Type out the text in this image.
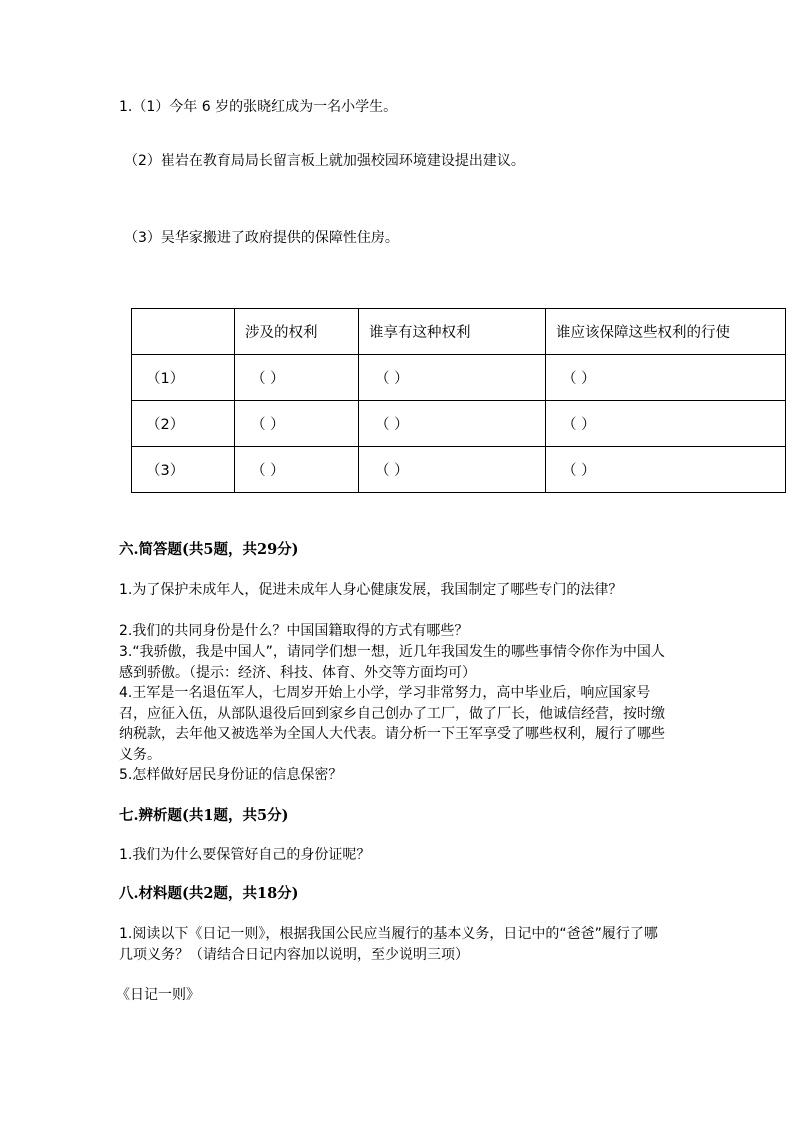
1.（1）今年 6 岁的张晓红成为一名小学生。
（2）崔岩在教育局局长留言板上就加强校园环境建设提出建议。
（3）吴华家搬进了政府提供的保障性住房。
	涉及的权利	谁享有这种权利	谁应该保障这些权利的行使
（1）	（ ）	（ ）	（ ）
（2）	（ ）	（ ）	（ ）
（3）	（ ）	（ ）	（ ）
六.简答题(共5题，共29分)
1.为了保护未成年人，促进未成年人身心健康发展，我国制定了哪些专门的法律？
2.我们的共同身份是什么？中国国籍取得的方式有哪些？
3.“我骄傲，我是中国人”，请同学们想一想，近几年我国发生的哪些事情令你作为中国人感到骄傲。（提示：经济、科技、体育、外交等方面均可）
4.王军是一名退伍军人，七周岁开始上小学，学习非常努力，高中毕业后，响应国家号召，应征入伍，从部队退役后回到家乡自己创办了工厂，做了厂长，他诚信经营，按时缴纳税款，去年他又被选举为全国人大代表。请分析一下王军享受了哪些权利，履行了哪些义务。
5.怎样做好居民身份证的信息保密？
七.辨析题(共1题，共5分)
1.我们为什么要保管好自己的身份证呢？
八.材料题(共2题，共18分)
1.阅读以下《日记一则》，根据我国公民应当履行的基本义务，日记中的“爸爸”履行了哪几项义务？（请结合日记内容加以说明，至少说明三项）
《日记一则》
